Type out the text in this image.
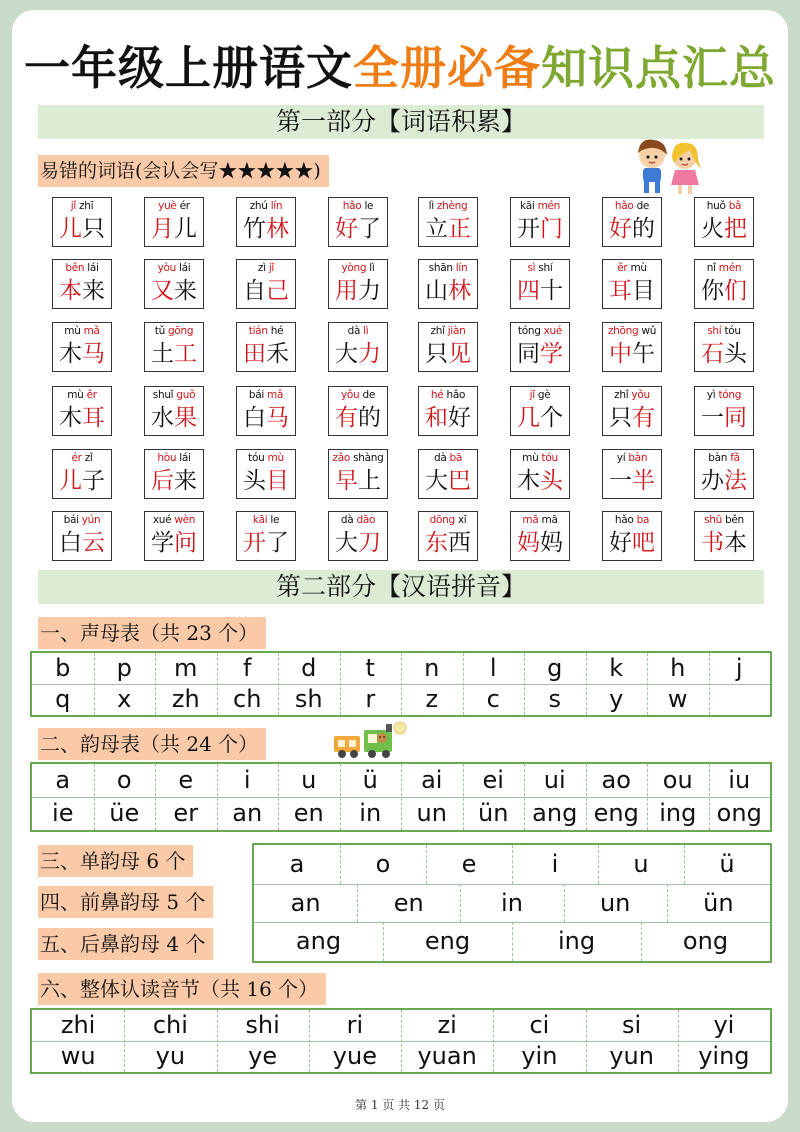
一年级上册语文全册必备知识点汇总
第一部分【词语积累】
易错的词语(会认会写★★★★★)
jǐ zhī
儿只
yuè ér
月儿
zhú lín
竹林
hǎo le
好了
lì zhèng
立正
kāi mén
开门
hǎo de
好的
huǒ bǎ
火把
běn lái
本来
yòu lái
又来
zì jǐ
自己
yòng lì
用力
shān lín
山林
sì shí
四十
ěr mù
耳目
nǐ mén
你们
mù mǎ
木马
tǔ gōng
土工
tián hé
田禾
dà lì
大力
zhǐ jiàn
只见
tóng xué
同学
zhōng wǔ
中午
shí tóu
石头
mù ěr
木耳
shuǐ guǒ
水果
bái mǎ
白马
yǒu de
有的
hé hǎo
和好
jǐ gè
几个
zhǐ yǒu
只有
yì tóng
一同
ér zǐ
儿子
hòu lái
后来
tóu mù
头目
zǎo shàng
早上
dà bā
大巴
mù tóu
木头
yí bàn
一半
bàn fǎ
办法
bái yún
白云
xué wèn
学问
kāi le
开了
dà dāo
大刀
dōng xī
东西
mā mā
妈妈
hǎo ba
好吧
shū běn
书本
第二部分【汉语拼音】
一、声母表（共 23 个）
b	p	m	f	d	t	n	l	g	k	h	j
q	x	zh	ch	sh	r	z	c	s	y	w
二、韵母表（共 24 个）
a	o	e	i	u	ü	ai	ei	ui	ao	ou	iu
ie	üe	er	an	en	in	un	ün ang eng ing ong
三、单韵母 6 个
四、前鼻韵母 5 个
五、后鼻韵母 4 个
a	o	e	i	u	ü
an	en	in	un	ün
ang	eng	ing	ong
六、整体认读音节（共 16 个）
zhi	chi	shi	ri	zi	ci	si	yi
wu	yu	ye	yue	yuan	yin	yun	ying
第 1 页 共 12 页
